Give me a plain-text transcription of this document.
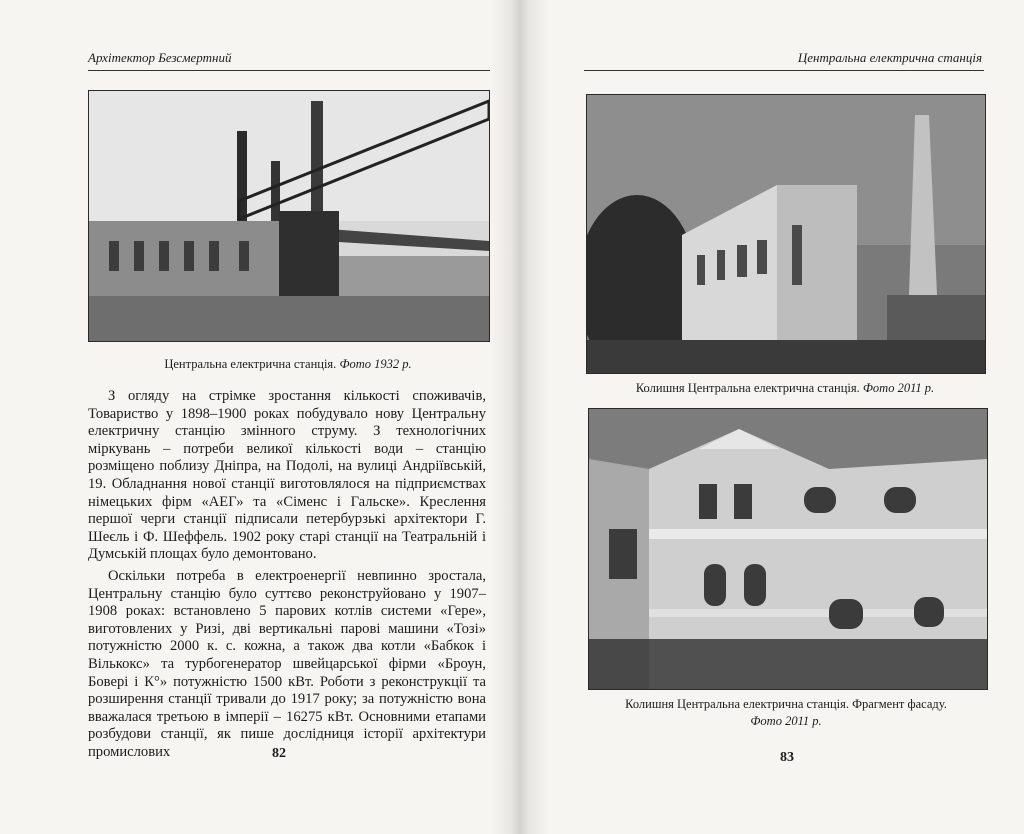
Архітектор Безсмертний
Центральна електрична станція. Фото 1932 р.

З огляду на стрімке зростання кількості споживачів, Товариство у 1898–1900 роках побудувало нову Центральну електричну станцію змінного струму. З технологічних міркувань – потреби великої кількості води – станцію розміщено поблизу Дніпра, на Подолі, на вулиці Андріївській, 19. Обладнання нової станції виготовлялося на підприємствах німецьких фірм «АЕГ» та «Сіменс і Гальске». Креслення першої черги станції підписали петербурзькі архітектори Г. Шеєль і Ф. Шеффель. 1902 року старі станції на Театральній і Думській площах було демонтовано.

Оскільки потреба в електроенергії невпинно зростала, Центральну станцію було суттєво реконструйовано у 1907–1908 роках: встановлено 5 парових котлів системи «Гере», виготовлених у Ризі, дві вертикальні парові машини «Тозі» потужністю 2000 к. с. кожна, а також два котли «Бабкок і Вількокс» та турбогенератор швейцарської фірми «Броун, Бовері і К°» потужністю 1500 кВт. Роботи з реконструкції та розширення станції тривали до 1917 року; за потужністю вона вважалася третьою в імперії – 16275 кВт. Основними етапами розбудови станції, як пише дослідниця історії архітектури промислових	82
Центральна електрична станція
Колишня Центральна електрична станція. Фото 2011 р.
Колишня Центральна електрична станція. Фрагмент фасаду.
Фото 2011 р.
83
